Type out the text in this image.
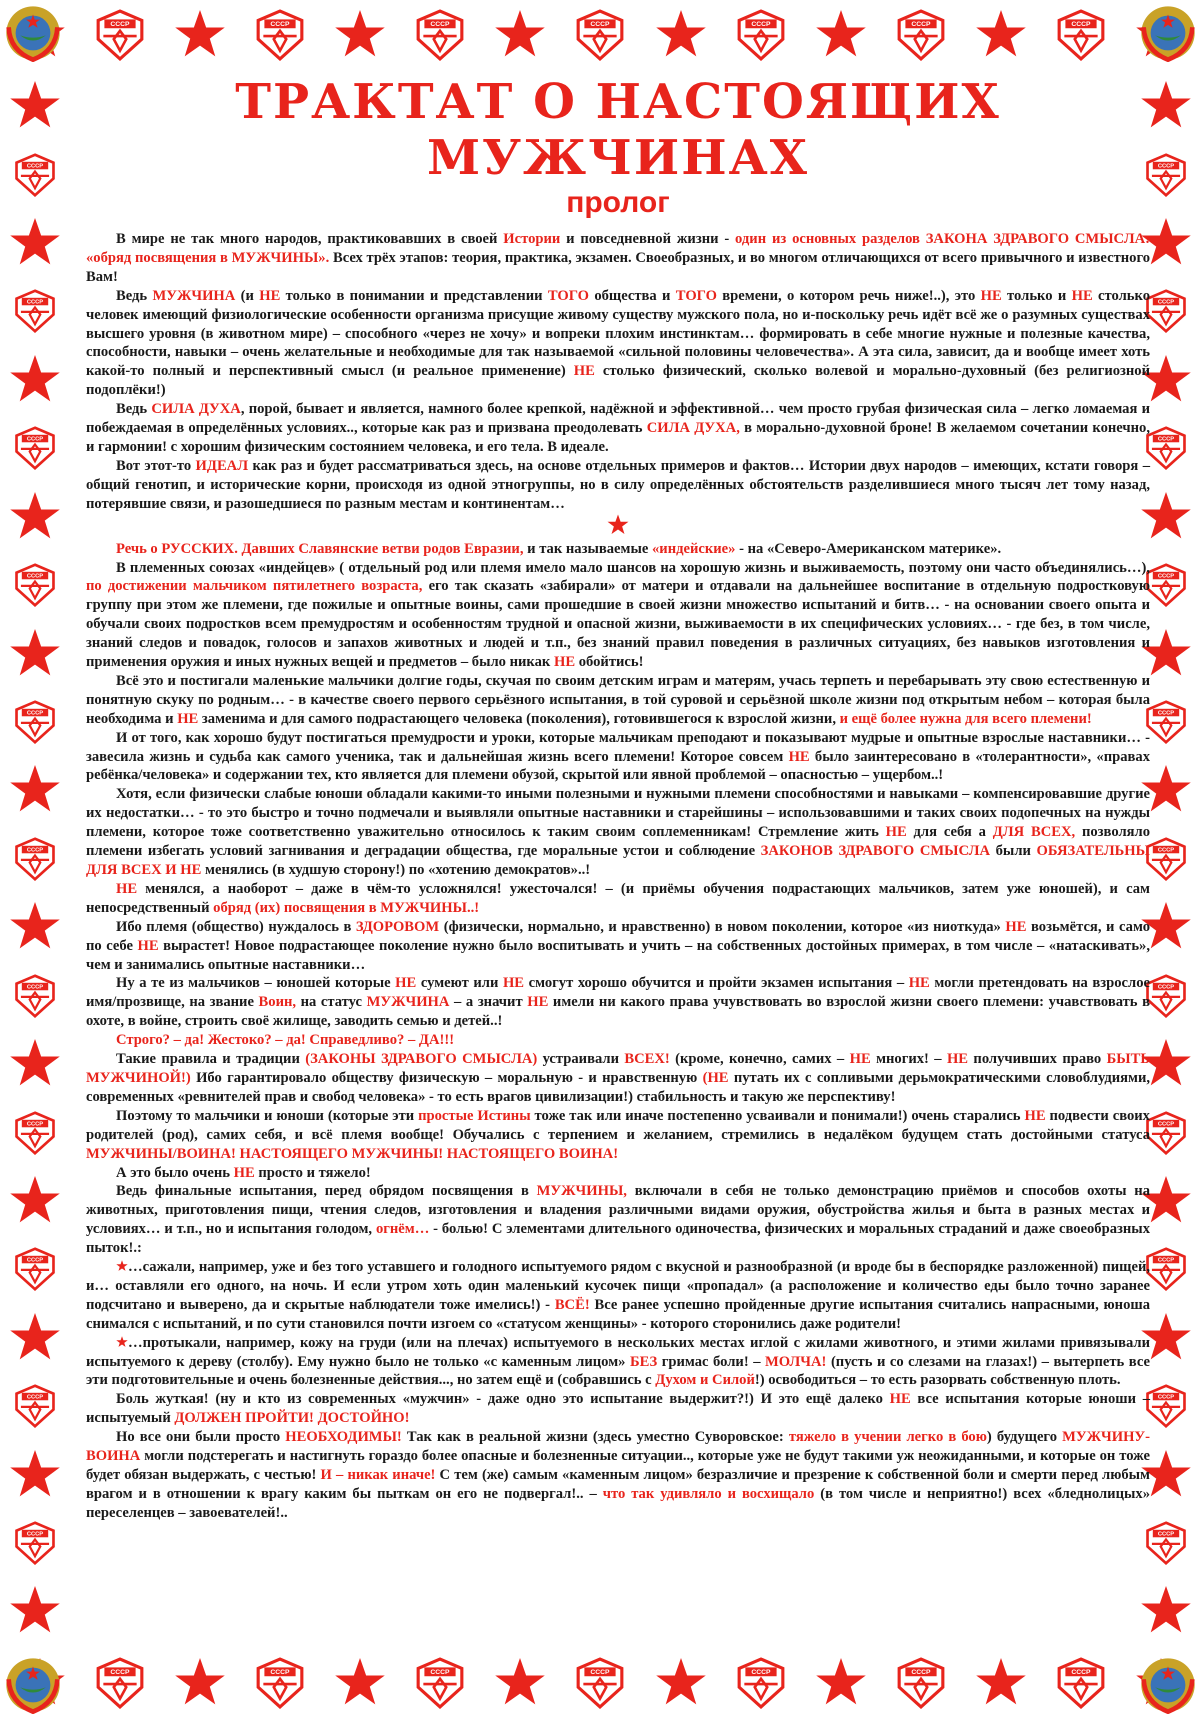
ТРАКТАТ О НАСТОЯЩИХ МУЖЧИНАХ
пролог

В мире не так много народов, практиковавших в своей Истории и повседневной жизни - один из основных разделов ЗАКОНА ЗДРАВОГО СМЫСЛА: «обряд посвящения в МУЖЧИНЫ». Всех трёх этапов: теория, практика, экзамен. Своеобразных, и во многом отличающихся от всего привычного и известного Вам!

Ведь МУЖЧИНА (и НЕ только в понимании и представлении ТОГО общества и ТОГО времени, о котором речь ниже!..), это НЕ только и НЕ столько человек имеющий физиологические особенности организма присущие живому существу мужского пола, но и-поскольку речь идёт всё же о разумных существах высшего уровня (в животном мире) – способного «через не хочу» и вопреки плохим инстинктам… формировать в себе многие нужные и полезные качества, способности, навыки – очень желательные и необходимые для так называемой «сильной половины человечества». А эта сила, зависит, да и вообще имеет хоть какой-то полный и перспективный смысл (и реальное применение) НЕ столько физический, сколько волевой и морально-духовный (без религиозной подоплёки!)

Ведь СИЛА ДУХА, порой, бывает и является, намного более крепкой, надёжной и эффективной… чем просто грубая физическая сила – легко ломаемая и побеждаемая в определённых условиях.., которые как раз и призвана преодолевать СИЛА ДУХА, в морально-духовной броне! В желаемом сочетании конечно, и гармонии! с хорошим физическим состоянием человека, и его тела. В идеале.

Вот этот-то ИДЕАЛ как раз и будет рассматриваться здесь, на основе отдельных примеров и фактов… Истории двух народов – имеющих, кстати говоря – общий генотип, и исторические корни, происходя из одной этногруппы, но в силу определённых обстоятельств разделившиеся много тысяч лет тому назад, потерявшие связи, и разошедшиеся по разным местам и континентам…

Речь о РУССКИХ. Давших Славянские ветви родов Евразии, и так называемые «индейские» - на «Северо-Американском материке».

В племенных союзах «индейцев» ( отдельный род или племя имело мало шансов на хорошую жизнь и выживаемость, поэтому они часто объединялись…), по достижении мальчиком пятилетнего возраста, его так сказать «забирали» от матери и отдавали на дальнейшее воспитание в отдельную подростковую группу при этом же племени, где пожилые и опытные воины, сами прошедшие в своей жизни множество испытаний и битв… - на основании своего опыта и обучали своих подростков всем премудростям и особенностям трудной и опасной жизни, выживаемости в их специфических условиях… - где без, в том числе, знаний следов и повадок, голосов и запахов животных и людей и т.п., без знаний правил поведения в различных ситуациях, без навыков изготовления и применения оружия и иных нужных вещей и предметов – было никак НЕ обойтись!

Всё это и постигали маленькие мальчики долгие годы, скучая по своим детским играм и матерям, учась терпеть и перебарывать эту свою естественную и понятную скуку по родным… - в качестве своего первого серьёзного испытания, в той суровой и серьёзной школе жизни под открытым небом – которая была необходима и НЕ заменима и для самого подрастающего человека (поколения), готовившегося к взрослой жизни, и ещё более нужна для всего племени!

И от того, как хорошо будут постигаться премудрости и уроки, которые мальчикам преподают и показывают мудрые и опытные взрослые наставники… - завесила жизнь и судьба как самого ученика, так и дальнейшая жизнь всего племени! Которое совсем НЕ было заинтересовано в «толерантности», «правах ребёнка/человека» и содержании тех, кто является для племени обузой, скрытой или явной проблемой – опасностью – ущербом..!

Хотя, если физически слабые юноши обладали какими-то иными полезными и нужными племени способностями и навыками – компенсировавшие другие их недостатки… - то это быстро и точно подмечали и выявляли опытные наставники и старейшины – использовавшими и таких своих подопечных на нужды племени, которое тоже соответственно уважительно относилось к таким своим соплеменникам! Стремление жить НЕ для себя а ДЛЯ ВСЕХ, позволяло племени избегать условий загнивания и деградации общества, где моральные устои и соблюдение ЗАКОНОВ ЗДРАВОГО СМЫСЛА были ОБЯЗАТЕЛЬНЫ ДЛЯ ВСЕХ И НЕ менялись (в худшую сторону!) по «хотению демократов»..!

НЕ менялся, а наоборот – даже в чём-то усложнялся! ужесточался! – (и приёмы обучения подрастающих мальчиков, затем уже юношей), и сам непосредственный обряд (их) посвящения в МУЖЧИНЫ..!

Ибо племя (общество) нуждалось в ЗДОРОВОМ (физически, нормально, и нравственно) в новом поколении, которое «из ниоткуда» НЕ возьмётся, и само по себе НЕ вырастет! Новое подрастающее поколение нужно было воспитывать и учить – на собственных достойных примерах, в том числе – «натаскивать», чем и занимались опытные наставники…

Ну а те из мальчиков – юношей которые НЕ сумеют или НЕ смогут хорошо обучится и пройти экзамен испытания – НЕ могли претендовать на взрослое имя/прозвище, на звание Воин, на статус МУЖЧИНА – а значит НЕ имели ни какого права учувствовать во взрослой жизни своего племени: учавствовать в охоте, в войне, строить своё жилище, заводить семью и детей..!

Строго? – да! Жестоко? – да! Справедливо? – ДА!!!

Такие правила и традиции (ЗАКОНЫ ЗДРАВОГО СМЫСЛА) устраивали ВСЕХ! (кроме, конечно, самих – НЕ многих! – НЕ получивших право БЫТЬ МУЖЧИНОЙ!) Ибо гарантировало обществу физическую – моральную - и нравственную (НЕ путать их с сопливыми дерьмократическими словоблудиями, современных «ревнителей прав и свобод человека» - то есть врагов цивилизации!) стабильность и такую же перспективу!

Поэтому то мальчики и юноши (которые эти простые Истины тоже так или иначе постепенно усваивали и понимали!) очень старались НЕ подвести своих родителей (род), самих себя, и всё племя вообще! Обучались с терпением и желанием, стремились в недалёком будущем стать достойными статуса МУЖЧИНЫ/ВОИНА! НАСТОЯЩЕГО МУЖЧИНЫ! НАСТОЯЩЕГО ВОИНА!

А это было очень НЕ просто и тяжело!

Ведь финальные испытания, перед обрядом посвящения в МУЖЧИНЫ, включали в себя не только демонстрацию приёмов и способов охоты на животных, приготовления пищи, чтения следов, изготовления и владения различными видами оружия, обустройства жилья и быта в разных местах и условиях… и т.п., но и испытания голодом, огнём… - болью! С элементами длительного одиночества, физических и моральных страданий и даже своеобразных пыток!.:

…сажали, например, уже и без того уставшего и голодного испытуемого рядом с вкусной и разнообразной (и вроде бы в беспорядке разложенной) пищей, и… оставляли его одного, на ночь. И если утром хоть один маленький кусочек пищи «пропадал» (а расположение и количество еды было точно заранее подсчитано и выверено, да и скрытые наблюдатели тоже имелись!) - ВСЁ! Все ранее успешно пройденные другие испытания считались напрасными, юноша снимался с испытаний, и по сути становился почти изгоем со «статусом женщины» - которого сторонились даже родители!

…протыкали, например, кожу на груди (или на плечах) испытуемого в нескольких местах иглой с жилами животного, и этими жилами привязывали испытуемого к дереву (столбу). Ему нужно было не только «с каменным лицом» БЕЗ гримас боли! – МОЛЧА! (пусть и со слезами на глазах!) – вытерпеть все эти подготовительные и очень болезненные действия..., но затем ещё и (собравшись с Духом и Силой!) освободиться – то есть разорвать собственную плоть.

Боль жуткая! (ну и кто из современных «мужчин» - даже одно это испытание выдержит?!) И это ещё далеко НЕ все испытания которые юноши – испытуемый ДОЛЖЕН ПРОЙТИ! ДОСТОЙНО!

Но все они были просто НЕОБХОДИМЫ! Так как в реальной жизни (здесь уместно Суворовское: тяжело в учении легко в бою) будущего МУЖЧИНУ-ВОИНА могли подстерегать и настигнуть гораздо более опасные и болезненные ситуации.., которые уже не будут такими уж неожиданными, и которые он тоже будет обязан выдержать, с честью! И – никак иначе! С тем (же) самым «каменным лицом» безразличие и презрение к собственной боли и смерти перед любым врагом и в отношении к врагу каким бы пыткам он его не подвергал!.. – что так удивляло и восхищало (в том числе и неприятно!) всех «бледнолицых» переселенцев – завоевателей!..
